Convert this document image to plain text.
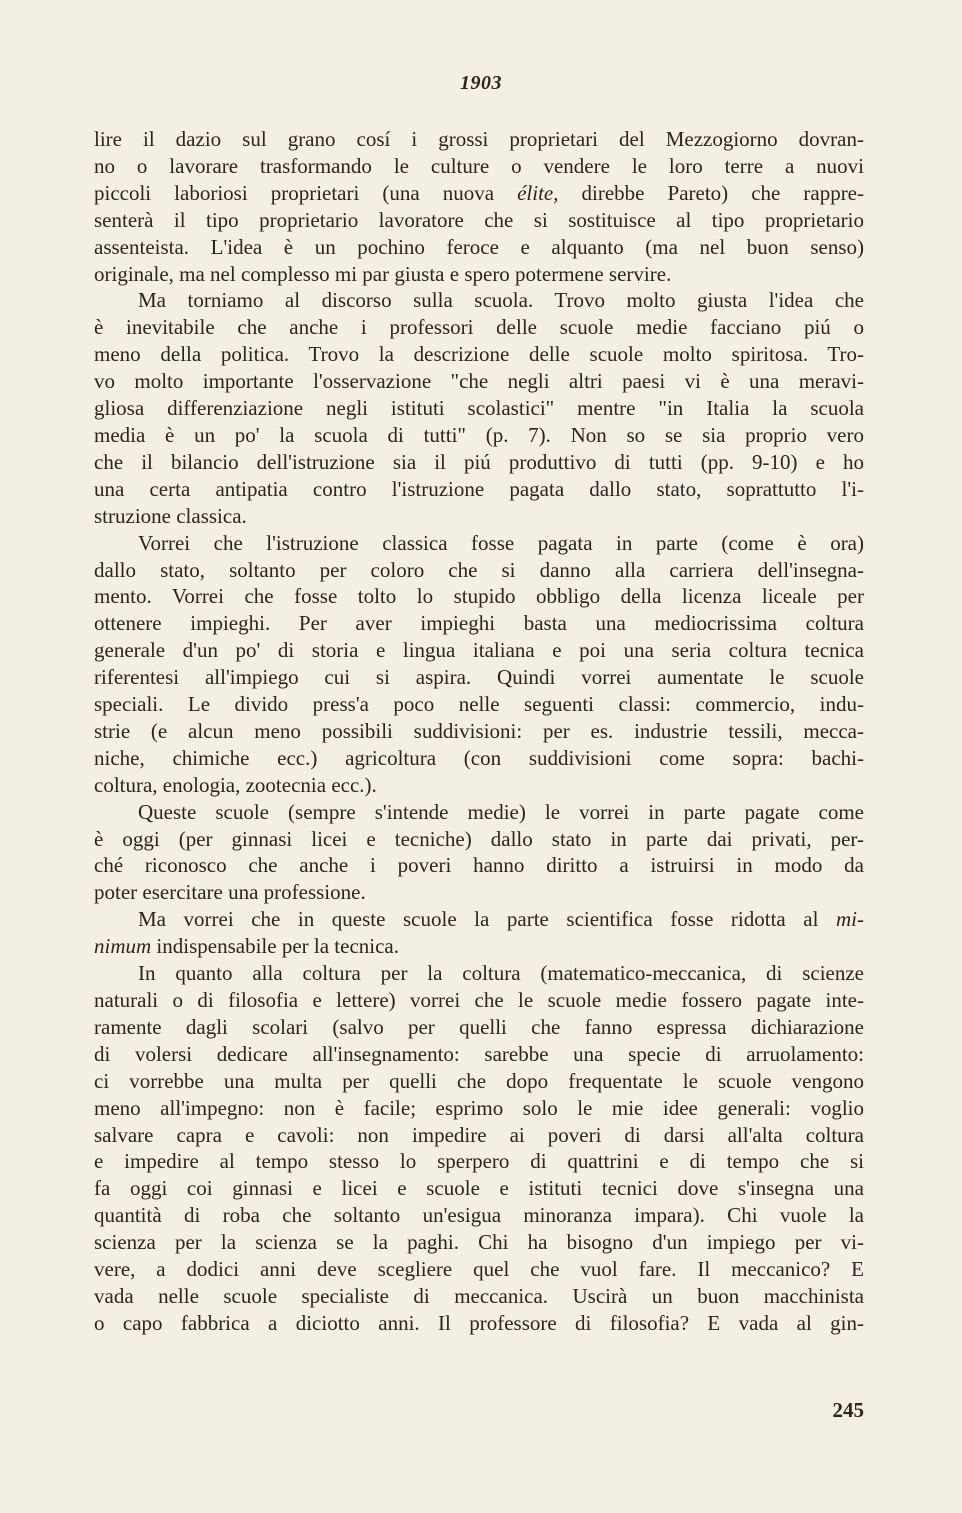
1903
lire il dazio sul grano cosí i grossi proprietari del Mezzogiorno dovran-
no o lavorare trasformando le culture o vendere le loro terre a nuovi
piccoli laboriosi proprietari (una nuova élite, direbbe Pareto) che rappre-
senterà il tipo proprietario lavoratore che si sostituisce al tipo proprietario
assenteista. L'idea è un pochino feroce e alquanto (ma nel buon senso)
originale, ma nel complesso mi par giusta e spero potermene servire.
Ma torniamo al discorso sulla scuola. Trovo molto giusta l'idea che
è inevitabile che anche i professori delle scuole medie facciano piú o
meno della politica. Trovo la descrizione delle scuole molto spiritosa. Tro-
vo molto importante l'osservazione "che negli altri paesi vi è una meravi-
gliosa differenziazione negli istituti scolastici" mentre "in Italia la scuola
media è un po' la scuola di tutti" (p. 7). Non so se sia proprio vero
che il bilancio dell'istruzione sia il piú produttivo di tutti (pp. 9-10) e ho
una certa antipatia contro l'istruzione pagata dallo stato, soprattutto l'i-
struzione classica.
Vorrei che l'istruzione classica fosse pagata in parte (come è ora)
dallo stato, soltanto per coloro che si danno alla carriera dell'insegna-
mento. Vorrei che fosse tolto lo stupido obbligo della licenza liceale per
ottenere impieghi. Per aver impieghi basta una mediocrissima coltura
generale d'un po' di storia e lingua italiana e poi una seria coltura tecnica
riferentesi all'impiego cui si aspira. Quindi vorrei aumentate le scuole
speciali. Le divido press'a poco nelle seguenti classi: commercio, indu-
strie (e alcun meno possibili suddivisioni: per es. industrie tessili, mecca-
niche, chimiche ecc.) agricoltura (con suddivisioni come sopra: bachi-
coltura, enologia, zootecnia ecc.).
Queste scuole (sempre s'intende medie) le vorrei in parte pagate come
è oggi (per ginnasi licei e tecniche) dallo stato in parte dai privati, per-
ché riconosco che anche i poveri hanno diritto a istruirsi in modo da
poter esercitare una professione.
Ma vorrei che in queste scuole la parte scientifica fosse ridotta al mi-
nimum indispensabile per la tecnica.
In quanto alla coltura per la coltura (matematico-meccanica, di scienze
naturali o di filosofia e lettere) vorrei che le scuole medie fossero pagate inte-
ramente dagli scolari (salvo per quelli che fanno espressa dichiarazione
di volersi dedicare all'insegnamento: sarebbe una specie di arruolamento:
ci vorrebbe una multa per quelli che dopo frequentate le scuole vengono
meno all'impegno: non è facile; esprimo solo le mie idee generali: voglio
salvare capra e cavoli: non impedire ai poveri di darsi all'alta coltura
e impedire al tempo stesso lo sperpero di quattrini e di tempo che si
fa oggi coi ginnasi e licei e scuole e istituti tecnici dove s'insegna una
quantità di roba che soltanto un'esigua minoranza impara). Chi vuole la
scienza per la scienza se la paghi. Chi ha bisogno d'un impiego per vi-
vere, a dodici anni deve scegliere quel che vuol fare. Il meccanico? E
vada nelle scuole specialiste di meccanica. Uscirà un buon macchinista
o capo fabbrica a diciotto anni. Il professore di filosofia? E vada al gin-
245
